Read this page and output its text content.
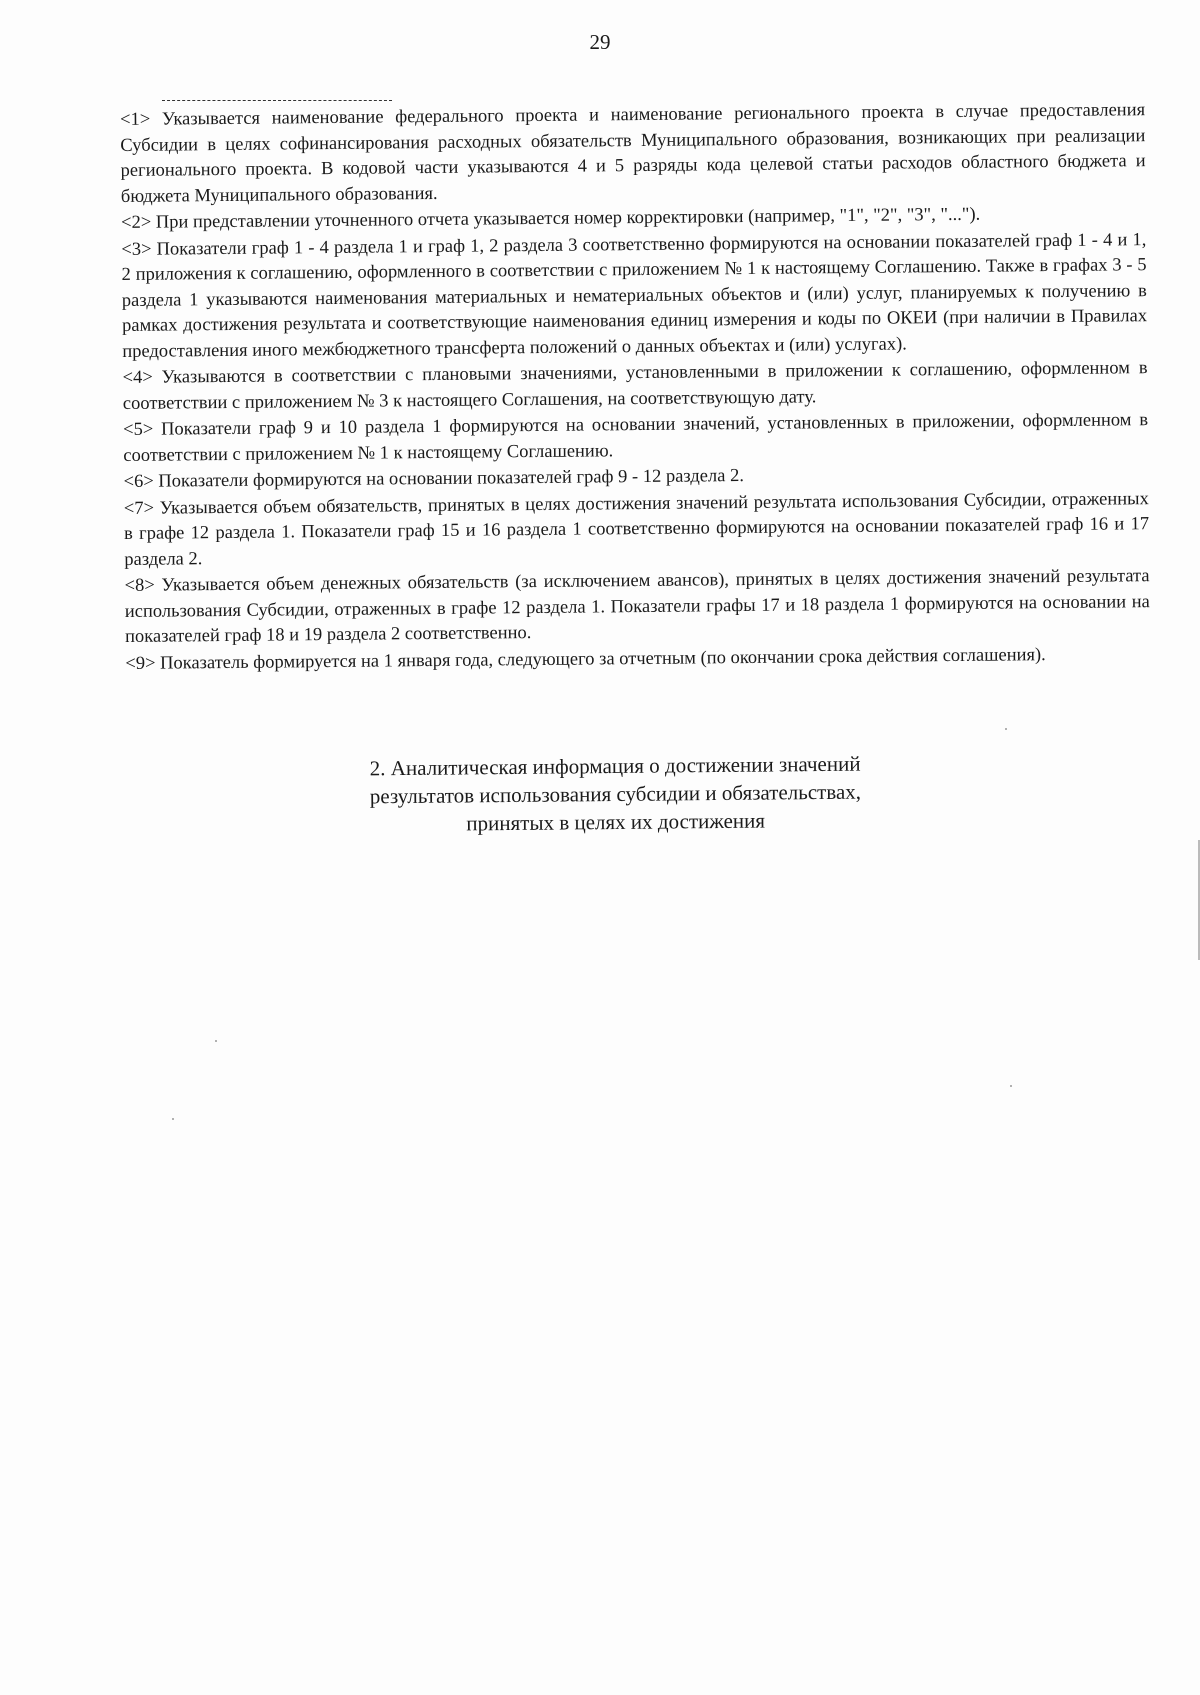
29

<1> Указывается наименование федерального проекта и наименование регионального проекта в случае предоставления Субсидии в целях софинансирования расходных обязательств Муниципального образования, возникающих при реализации регионального проекта. В кодовой части указываются 4 и 5 разряды кода целевой статьи расходов областного бюджета и бюджета Муниципального образования.

<2> При представлении уточненного отчета указывается номер корректировки (например, "1", "2", "3", "...").

<3> Показатели граф 1 - 4 раздела 1 и граф 1, 2 раздела 3 соответственно формируются на основании показателей граф 1 - 4 и 1, 2 приложения к соглашению, оформленного в соответствии с приложением № 1 к настоящему Соглашению. Также в графах 3 - 5 раздела 1 указываются наименования материальных и нематериальных объектов и (или) услуг, планируемых к получению в рамках достижения результата и соответствующие наименования единиц измерения и коды по ОКЕИ (при наличии в Правилах предоставления иного межбюджетного трансферта положений о данных объектах и (или) услугах).

<4> Указываются в соответствии с плановыми значениями, установленными в приложении к соглашению, оформленном в соответствии с приложением № 3 к настоящего Соглашения, на соответствующую дату.

<5> Показатели граф 9 и 10 раздела 1 формируются на основании значений, установленных в приложении, оформленном в соответствии с приложением № 1 к настоящему Соглашению.

<6> Показатели формируются на основании показателей граф 9 - 12 раздела 2.

<7> Указывается объем обязательств, принятых в целях достижения значений результата использования Субсидии, отраженных в графе 12 раздела 1. Показатели граф 15 и 16 раздела 1 соответственно формируются на основании показателей граф 16 и 17 раздела 2.

<8> Указывается объем денежных обязательств (за исключением авансов), принятых в целях достижения значений результата использования Субсидии, отраженных в графе 12 раздела 1. Показатели графы 17 и 18 раздела 1 формируются на основании на показателей граф 18 и 19 раздела 2 соответственно.

<9> Показатель формируется на 1 января года, следующего за отчетным (по окончании срока действия соглашения).

2. Аналитическая информация о достижении значений
результатов использования субсидии и обязательствах,
принятых в целях их достижения
